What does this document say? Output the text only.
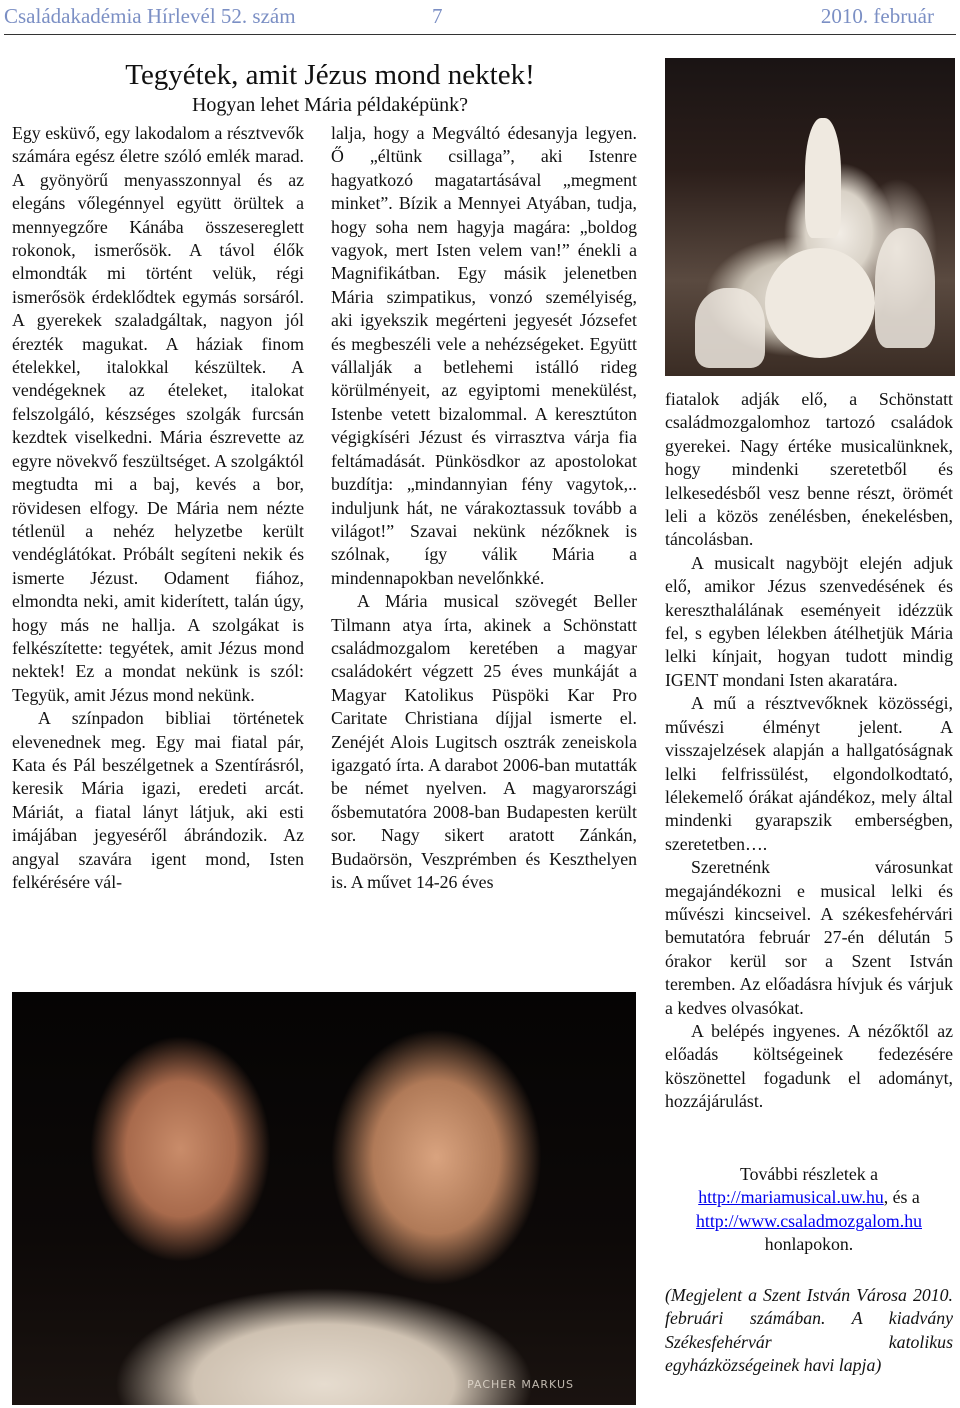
Családakadémia Hírlevél 52. szám	7	2010. február
Tegyétek, amit Jézus mond nektek!
Hogyan lehet Mária példaképünk?

Egy esküvő, egy lakodalom a résztvevők számára egész életre szóló emlék marad. A gyönyörű menyasszonnyal és az elegáns vőlegénnyel együtt örültek a mennyegzőre Kánába összesereglett rokonok, ismerősök. A távol élők elmondták mi történt velük, régi ismerősök érdeklődtek egymás sorsáról. A gyerekek szaladgáltak, nagyon jól érezték magukat. A háziak finom ételekkel, italokkal készültek. A vendégeknek az ételeket, italokat felszolgáló, készséges szolgák furcsán kezdtek viselkedni. Mária észrevette az egyre növekvő feszültséget. A szolgáktól megtudta mi a baj, kevés a bor, rövidesen elfogy. De Mária nem nézte tétlenül a nehéz helyzetbe került vendéglátókat. Próbált segíteni nekik és ismerte Jézust. Odament fiához, elmondta neki, amit kiderített, talán úgy, hogy más ne hallja. A szolgákat is felkészítette: tegyétek, amit Jézus mond nektek! Ez a mondat nekünk is szól: Tegyük, amit Jézus mond nekünk.

A színpadon bibliai történetek elevenednek meg. Egy mai fiatal pár, Kata és Pál beszélgetnek a Szentírásról, keresik Mária igazi, eredeti arcát. Máriát, a fiatal lányt látjuk, aki esti imájában jegyeséről ábrándozik. Az angyal szavára igent mond, Isten felkérésére vál-

lalja, hogy a Megváltó édesanyja legyen. Ő „éltünk csillaga”, aki Istenre hagyatkozó magatartásával „megment minket”. Bízik a Mennyei Atyában, tudja, hogy soha nem hagyja magára: „boldog vagyok, mert Isten velem van!” énekli a Magnifikátban. Egy másik jelenetben Mária szimpatikus, vonzó személyiség, aki igyekszik megérteni jegyesét Józsefet és megbeszéli vele a nehézségeket. Együtt vállalják a betlehemi istálló rideg körülményeit, az egyiptomi menekülést, Istenbe vetett bizalommal. A keresztúton végigkíséri Jézust és virrasztva várja fia feltámadását. Pünkösdkor az apostolokat buzdítja: „mindannyian fény vagytok,.. induljunk hát, ne várakoztassuk tovább a világot!” Szavai nekünk nézőknek is szólnak, így válik Mária a mindennapokban nevelőnkké.

A Mária musical szövegét Beller Tilmann atya írta, akinek a Schönstatt családmozgalom keretében a magyar családokért végzett 25 éves munkáját a Magyar Katolikus Püspöki Kar Pro Caritate Christiana díjjal ismerte el. Zenéjét Alois Lugitsch osztrák zeneiskola igazgató írta. A darabot 2006-ban mutatták be német nyelven. A magyarországi ősbemutatóra 2008-ban Budapesten került sor. Nagy sikert aratott Zánkán, Budaörsön, Veszprémben és Keszthelyen is. A művet 14-26 éves

fiatalok adják elő, a Schönstatt családmozgalomhoz tartozó családok gyerekei. Nagy értéke musicalünknek, hogy mindenki szeretetből és lelkesedésből vesz benne részt, örömét leli a közös zenélésben, énekelésben, táncolásban.

A musicalt nagyböjt elején adjuk elő, amikor Jézus szenvedésének és kereszthalálának eseményeit idézzük fel, s egyben lélekben átélhetjük Mária lelki kínjait, hogyan tudott mindig IGENT mondani Isten akaratára.

A mű a résztvevőknek közösségi, művészi élményt jelent. A visszajelzések alapján a hallgatóságnak lelki felfrissülést, elgondolkodtató, lélekemelő órákat ajándékoz, mely által mindenki gyarapszik emberségben, szeretetben….

Szeretnénk városunkat megajándékozni e musical lelki és művészi kincseivel. A székesfehérvári bemutatóra február 27-én délután 5 órakor kerül sor a Szent István teremben. Az előadásra hívjuk és várjuk a kedves olvasókat.

A belépés ingyenes. A nézőktől az előadás költségeinek fedezésére köszönettel fogadunk el adományt, hozzájárulást.

PACHER MARKUS
További részletek a
http://mariamusical.uw.hu, és a
http://www.csaladmozgalom.hu
honlapokon.
(Megjelent a Szent István Városa 2010. februári számában. A kiadvány Székesfehérvár katolikus egyházközségeinek havi lapja)
